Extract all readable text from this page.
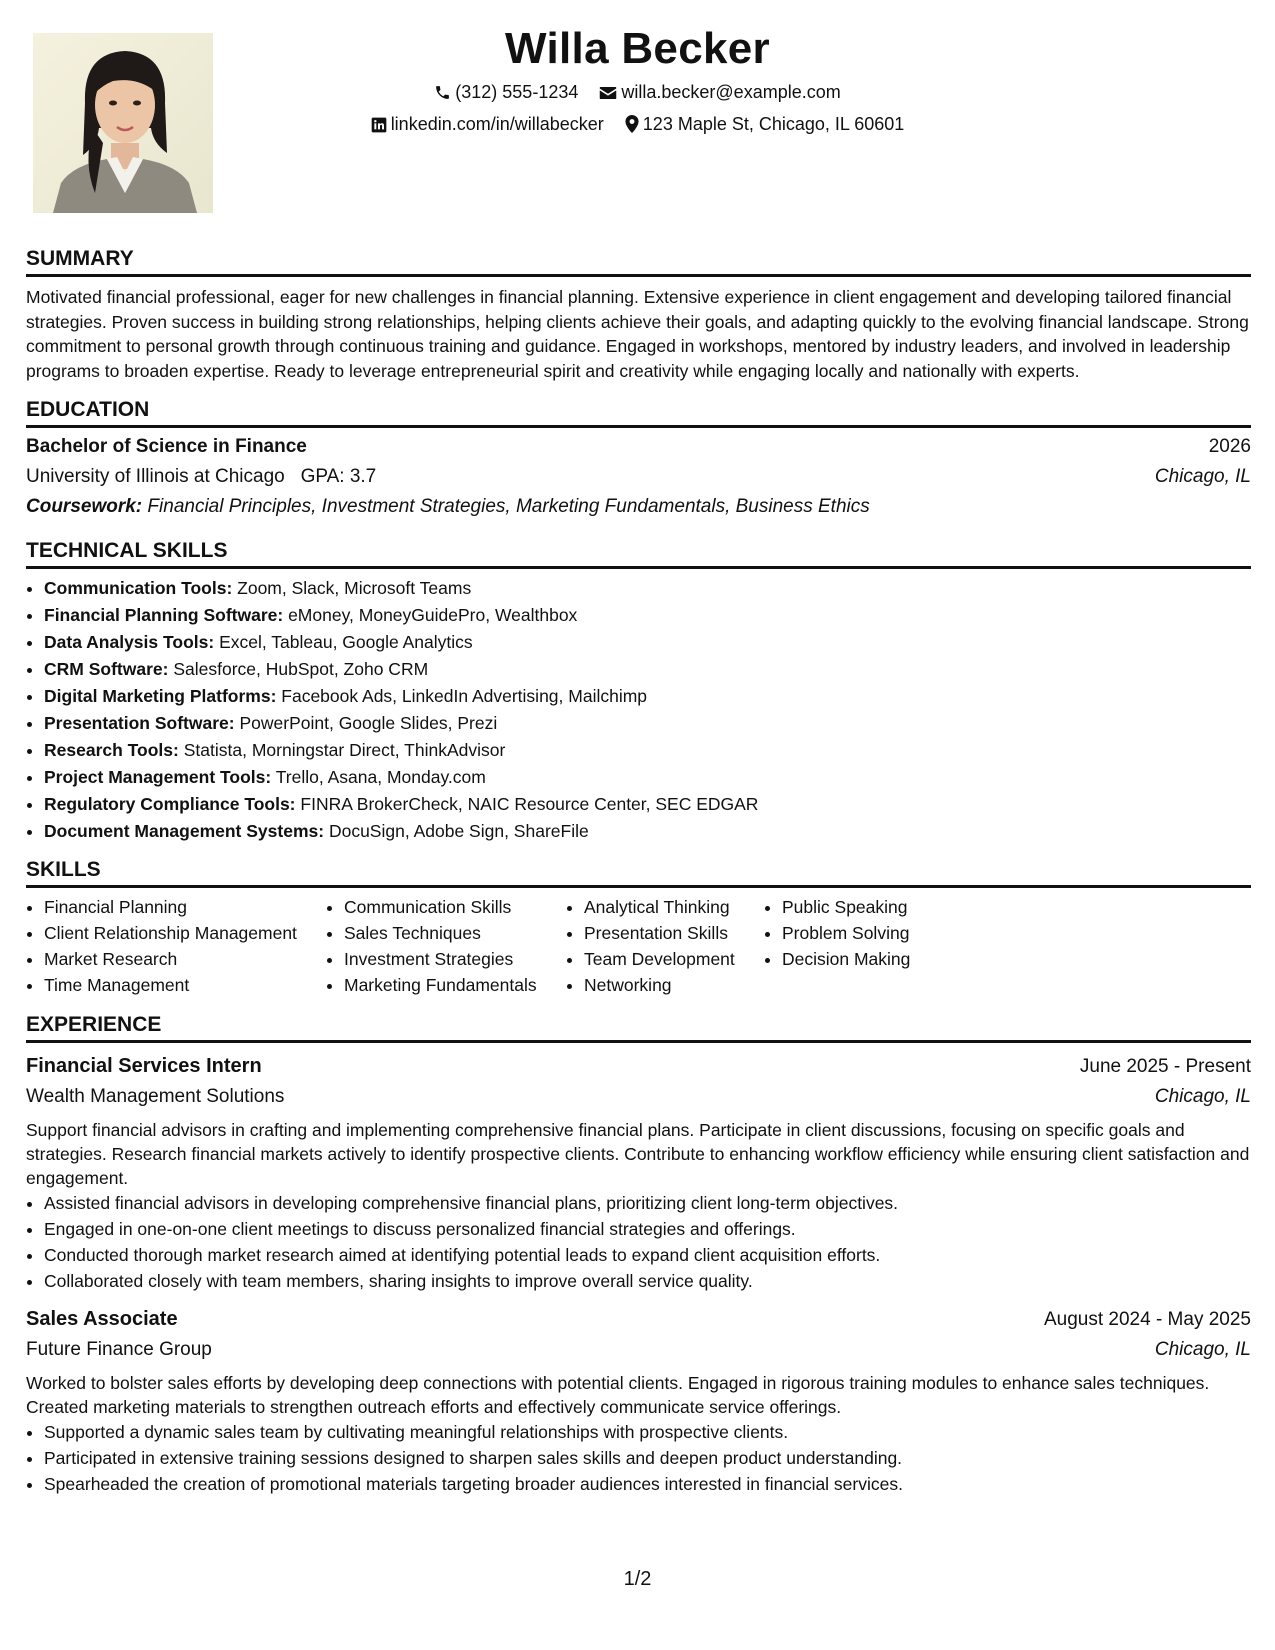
Willa Becker
(312) 555-1234 willa.becker@example.com
linkedin.com/in/willabecker 123 Maple St, Chicago, IL 60601
SUMMARY

Motivated financial professional, eager for new challenges in financial planning. Extensive experience in client engagement and developing tailored financial strategies. Proven success in building strong relationships, helping clients achieve their goals, and adapting quickly to the evolving financial landscape. Strong commitment to personal growth through continuous training and guidance. Engaged in workshops, mentored by industry leaders, and involved in leadership programs to broaden expertise. Ready to leverage entrepreneurial spirit and creativity while engaging locally and nationally with experts.

EDUCATION
Bachelor of Science in Finance	2026
University of Illinois at Chicago GPA: 3.7	Chicago, IL
Coursework: Financial Principles, Investment Strategies, Marketing Fundamentals, Business Ethics
TECHNICAL SKILLS
• Communication Tools: Zoom, Slack, Microsoft Teams
• Financial Planning Software: eMoney, MoneyGuidePro, Wealthbox
• Data Analysis Tools: Excel, Tableau, Google Analytics
• CRM Software: Salesforce, HubSpot, Zoho CRM
• Digital Marketing Platforms: Facebook Ads, LinkedIn Advertising, Mailchimp
• Presentation Software: PowerPoint, Google Slides, Prezi
• Research Tools: Statista, Morningstar Direct, ThinkAdvisor
• Project Management Tools: Trello, Asana, Monday.com
• Regulatory Compliance Tools: FINRA BrokerCheck, NAIC Resource Center, SEC EDGAR
• Document Management Systems: DocuSign, Adobe Sign, ShareFile
SKILLS
• Financial Planning
• Client Relationship Management
• Market Research
• Time Management
• Communication Skills
• Sales Techniques
• Investment Strategies
• Marketing Fundamentals
• Analytical Thinking
• Presentation Skills
• Team Development
• Networking
• Public Speaking
• Problem Solving
• Decision Making
EXPERIENCE
Financial Services Intern	June 2025 - Present
Wealth Management Solutions	Chicago, IL

Support financial advisors in crafting and implementing comprehensive financial plans. Participate in client discussions, focusing on specific goals and strategies. Research financial markets actively to identify prospective clients. Contribute to enhancing workflow efficiency while ensuring client satisfaction and engagement.

• Assisted financial advisors in developing comprehensive financial plans, prioritizing client long-term objectives.
• Engaged in one-on-one client meetings to discuss personalized financial strategies and offerings.
• Conducted thorough market research aimed at identifying potential leads to expand client acquisition efforts.
• Collaborated closely with team members, sharing insights to improve overall service quality.
Sales Associate	August 2024 - May 2025
Future Finance Group	Chicago, IL

Worked to bolster sales efforts by developing deep connections with potential clients. Engaged in rigorous training modules to enhance sales techniques. Created marketing materials to strengthen outreach efforts and effectively communicate service offerings.

• Supported a dynamic sales team by cultivating meaningful relationships with prospective clients.
• Participated in extensive training sessions designed to sharpen sales skills and deepen product understanding.
• Spearheaded the creation of promotional materials targeting broader audiences interested in financial services.
1/2
